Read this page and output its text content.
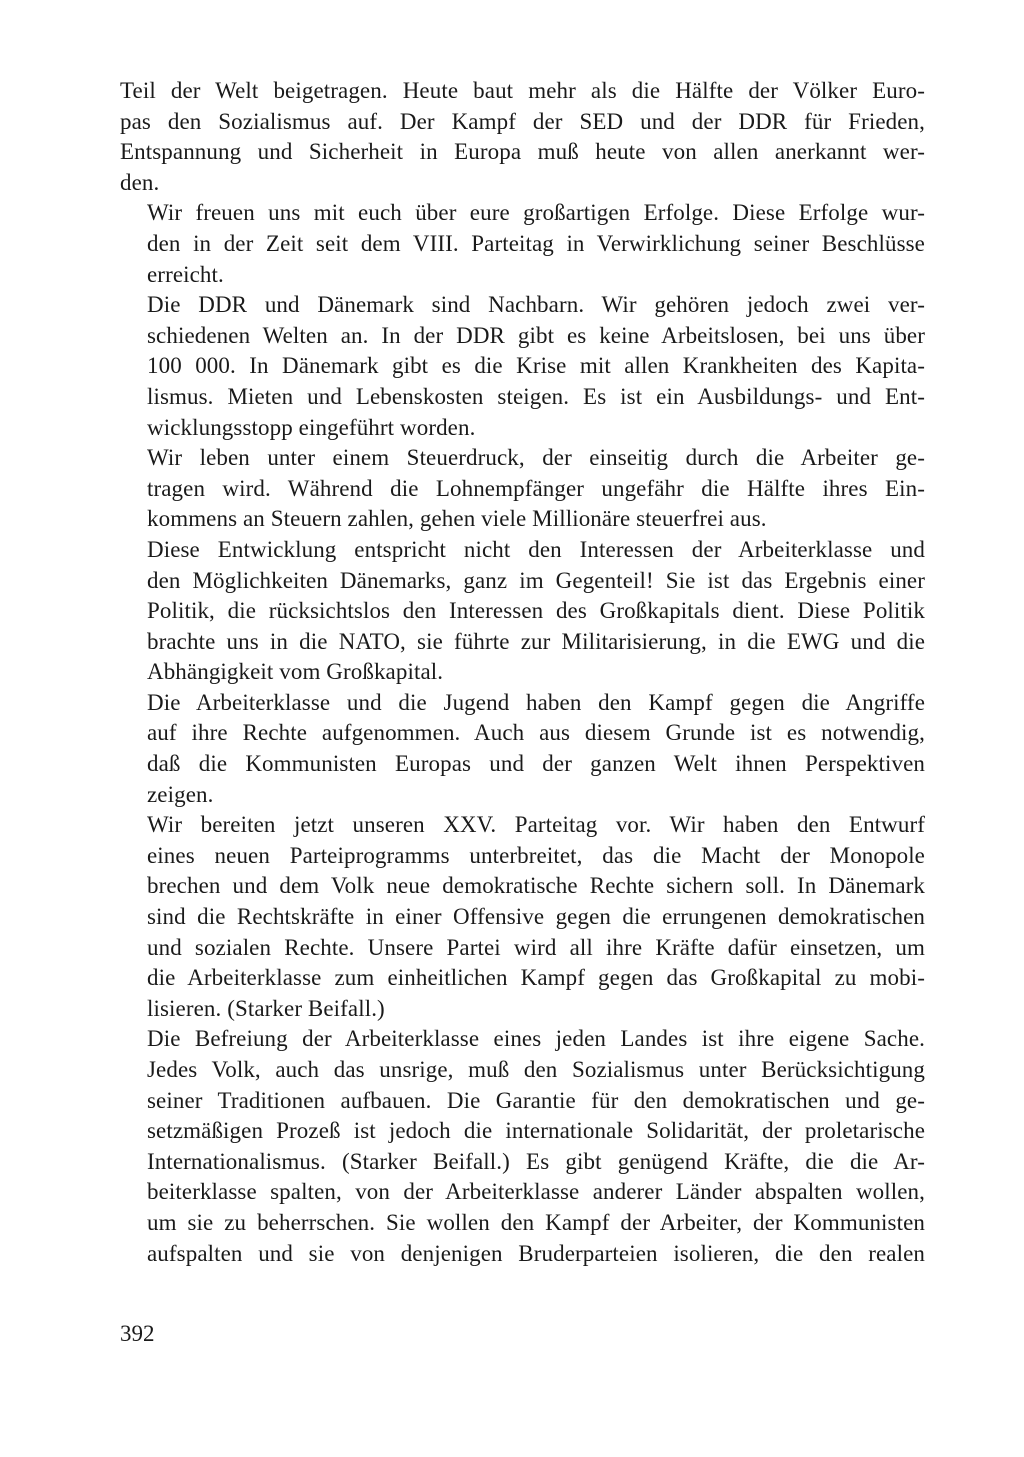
Teil der Welt beigetragen. Heute baut mehr als die Hälfte der Völker Euro-
pas den Sozialismus auf. Der Kampf der SED und der DDR für Frieden,
Entspannung und Sicherheit in Europa muß heute von allen anerkannt wer-
den.

Wir freuen uns mit euch über eure großartigen Erfolge. Diese Erfolge wur-
den in der Zeit seit dem VIII. Parteitag in Verwirklichung seiner Beschlüsse
erreicht.

Die DDR und Dänemark sind Nachbarn. Wir gehören jedoch zwei ver-
schiedenen Welten an. In der DDR gibt es keine Arbeitslosen, bei uns über
100 000. In Dänemark gibt es die Krise mit allen Krankheiten des Kapita-
lismus. Mieten und Lebenskosten steigen. Es ist ein Ausbildungs- und Ent-
wicklungsstopp eingeführt worden.

Wir leben unter einem Steuerdruck, der einseitig durch die Arbeiter ge-
tragen wird. Während die Lohnempfänger ungefähr die Hälfte ihres Ein-
kommens an Steuern zahlen, gehen viele Millionäre steuerfrei aus.

Diese Entwicklung entspricht nicht den Interessen der Arbeiterklasse und
den Möglichkeiten Dänemarks, ganz im Gegenteil! Sie ist das Ergebnis einer
Politik, die rücksichtslos den Interessen des Großkapitals dient. Diese Politik
brachte uns in die NATO, sie führte zur Militarisierung, in die EWG und die
Abhängigkeit vom Großkapital.

Die Arbeiterklasse und die Jugend haben den Kampf gegen die Angriffe
auf ihre Rechte aufgenommen. Auch aus diesem Grunde ist es notwendig,
daß die Kommunisten Europas und der ganzen Welt ihnen Perspektiven
zeigen.

Wir bereiten jetzt unseren XXV. Parteitag vor. Wir haben den Entwurf
eines neuen Parteiprogramms unterbreitet, das die Macht der Monopole
brechen und dem Volk neue demokratische Rechte sichern soll. In Dänemark
sind die Rechtskräfte in einer Offensive gegen die errungenen demokratischen
und sozialen Rechte. Unsere Partei wird all ihre Kräfte dafür einsetzen, um
die Arbeiterklasse zum einheitlichen Kampf gegen das Großkapital zu mobi-
lisieren. (Starker Beifall.)

Die Befreiung der Arbeiterklasse eines jeden Landes ist ihre eigene Sache.
Jedes Volk, auch das unsrige, muß den Sozialismus unter Berücksichtigung
seiner Traditionen aufbauen. Die Garantie für den demokratischen und ge-
setzmäßigen Prozeß ist jedoch die internationale Solidarität, der proletarische
Internationalismus. (Starker Beifall.) Es gibt genügend Kräfte, die die Ar-
beiterklasse spalten, von der Arbeiterklasse anderer Länder abspalten wollen,
um sie zu beherrschen. Sie wollen den Kampf der Arbeiter, der Kommunisten
aufspalten und sie von denjenigen Bruderparteien isolieren, die den realen

392
